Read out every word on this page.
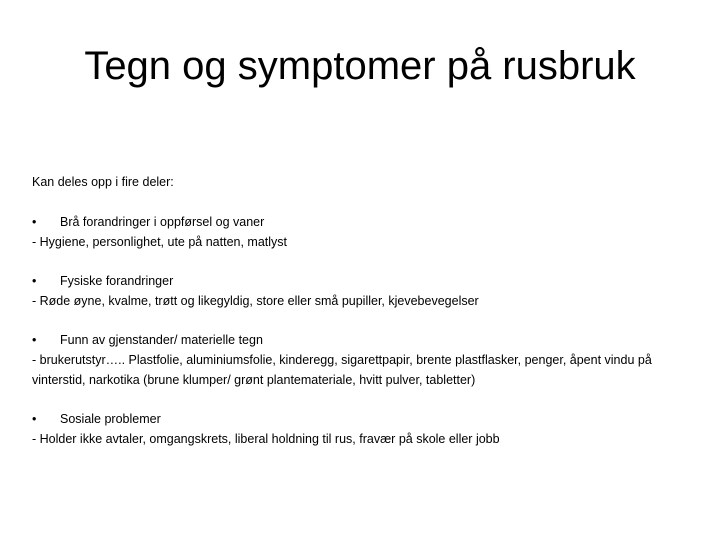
Tegn og symptomer på rusbruk

Kan deles opp i fire deler:

•	Brå forandringer i oppførsel og vaner

- Hygiene, personlighet, ute på natten, matlyst

•	Fysiske forandringer

- Røde øyne, kvalme, trøtt og likegyldig, store eller små pupiller, kjevebevegelser

•	Funn av gjenstander/ materielle tegn

- brukerutstyr….. Plastfolie, aluminiumsfolie, kinderegg, sigarettpapir, brente plastflasker, penger, åpent vindu på vinterstid, narkotika (brune klumper/ grønt plantemateriale, hvitt pulver, tabletter)

•	Sosiale problemer

- Holder ikke avtaler, omgangskrets, liberal holdning til rus, fravær på skole eller jobb
